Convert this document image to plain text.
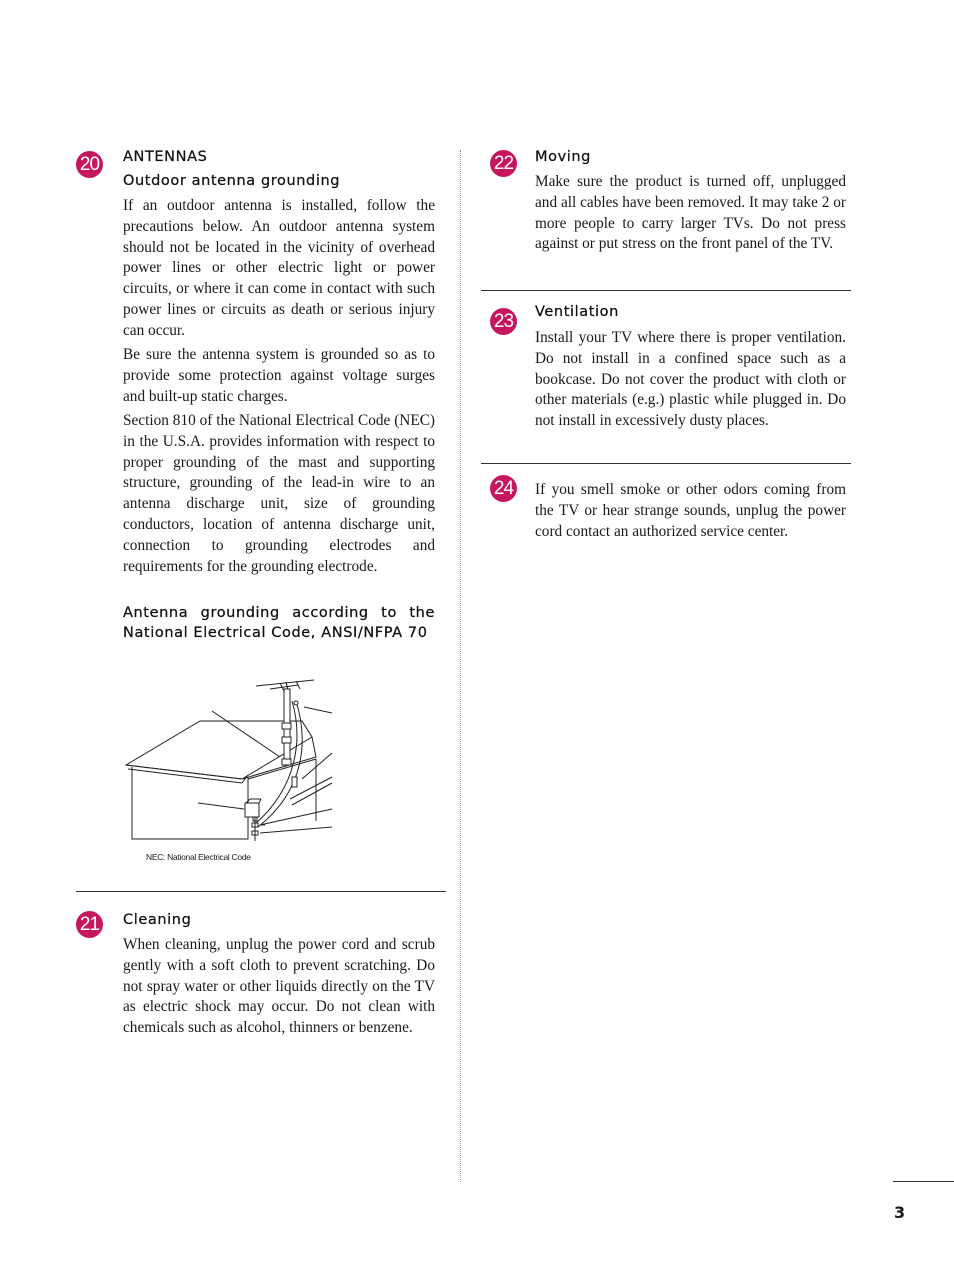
20 ANTENNAS
Outdoor antenna grounding

If an outdoor antenna is installed, follow the precautions below. An outdoor antenna system should not be located in the vicinity of overhead power lines or other electric light or power circuits, or where it can come in contact with such power lines or circuits as death or serious injury can occur.

Be sure the antenna system is grounded so as to provide some protection against voltage surges and built-up static charges.

Section 810 of the National Electrical Code (NEC) in the U.S.A. provides information with respect to proper grounding of the mast and supporting structure, grounding of the lead-in wire to an antenna discharge unit, size of grounding conductors, location of antenna discharge unit, connection to grounding electrodes and requirements for the grounding electrode.

Antenna grounding according to the National Electrical Code, ANSI/NFPA 70
NEC: National Electrical Code
21 Cleaning

When cleaning, unplug the power cord and scrub gently with a soft cloth to prevent scratching. Do not spray water or other liquids directly on the TV as electric shock may occur. Do not clean with chemicals such as alcohol, thinners or benzene.

22 Moving

Make sure the product is turned off, unplugged and all cables have been removed. It may take 2 or more people to carry larger TVs. Do not press against or put stress on the front panel of the TV.

23 Ventilation

Install your TV where there is proper ventilation. Do not install in a confined space such as a bookcase. Do not cover the product with cloth or other materials (e.g.) plastic while plugged in. Do not install in excessively dusty places.

24 If you smell smoke or other odors coming from the TV or hear strange sounds, unplug the power cord contact an authorized service center.

3
